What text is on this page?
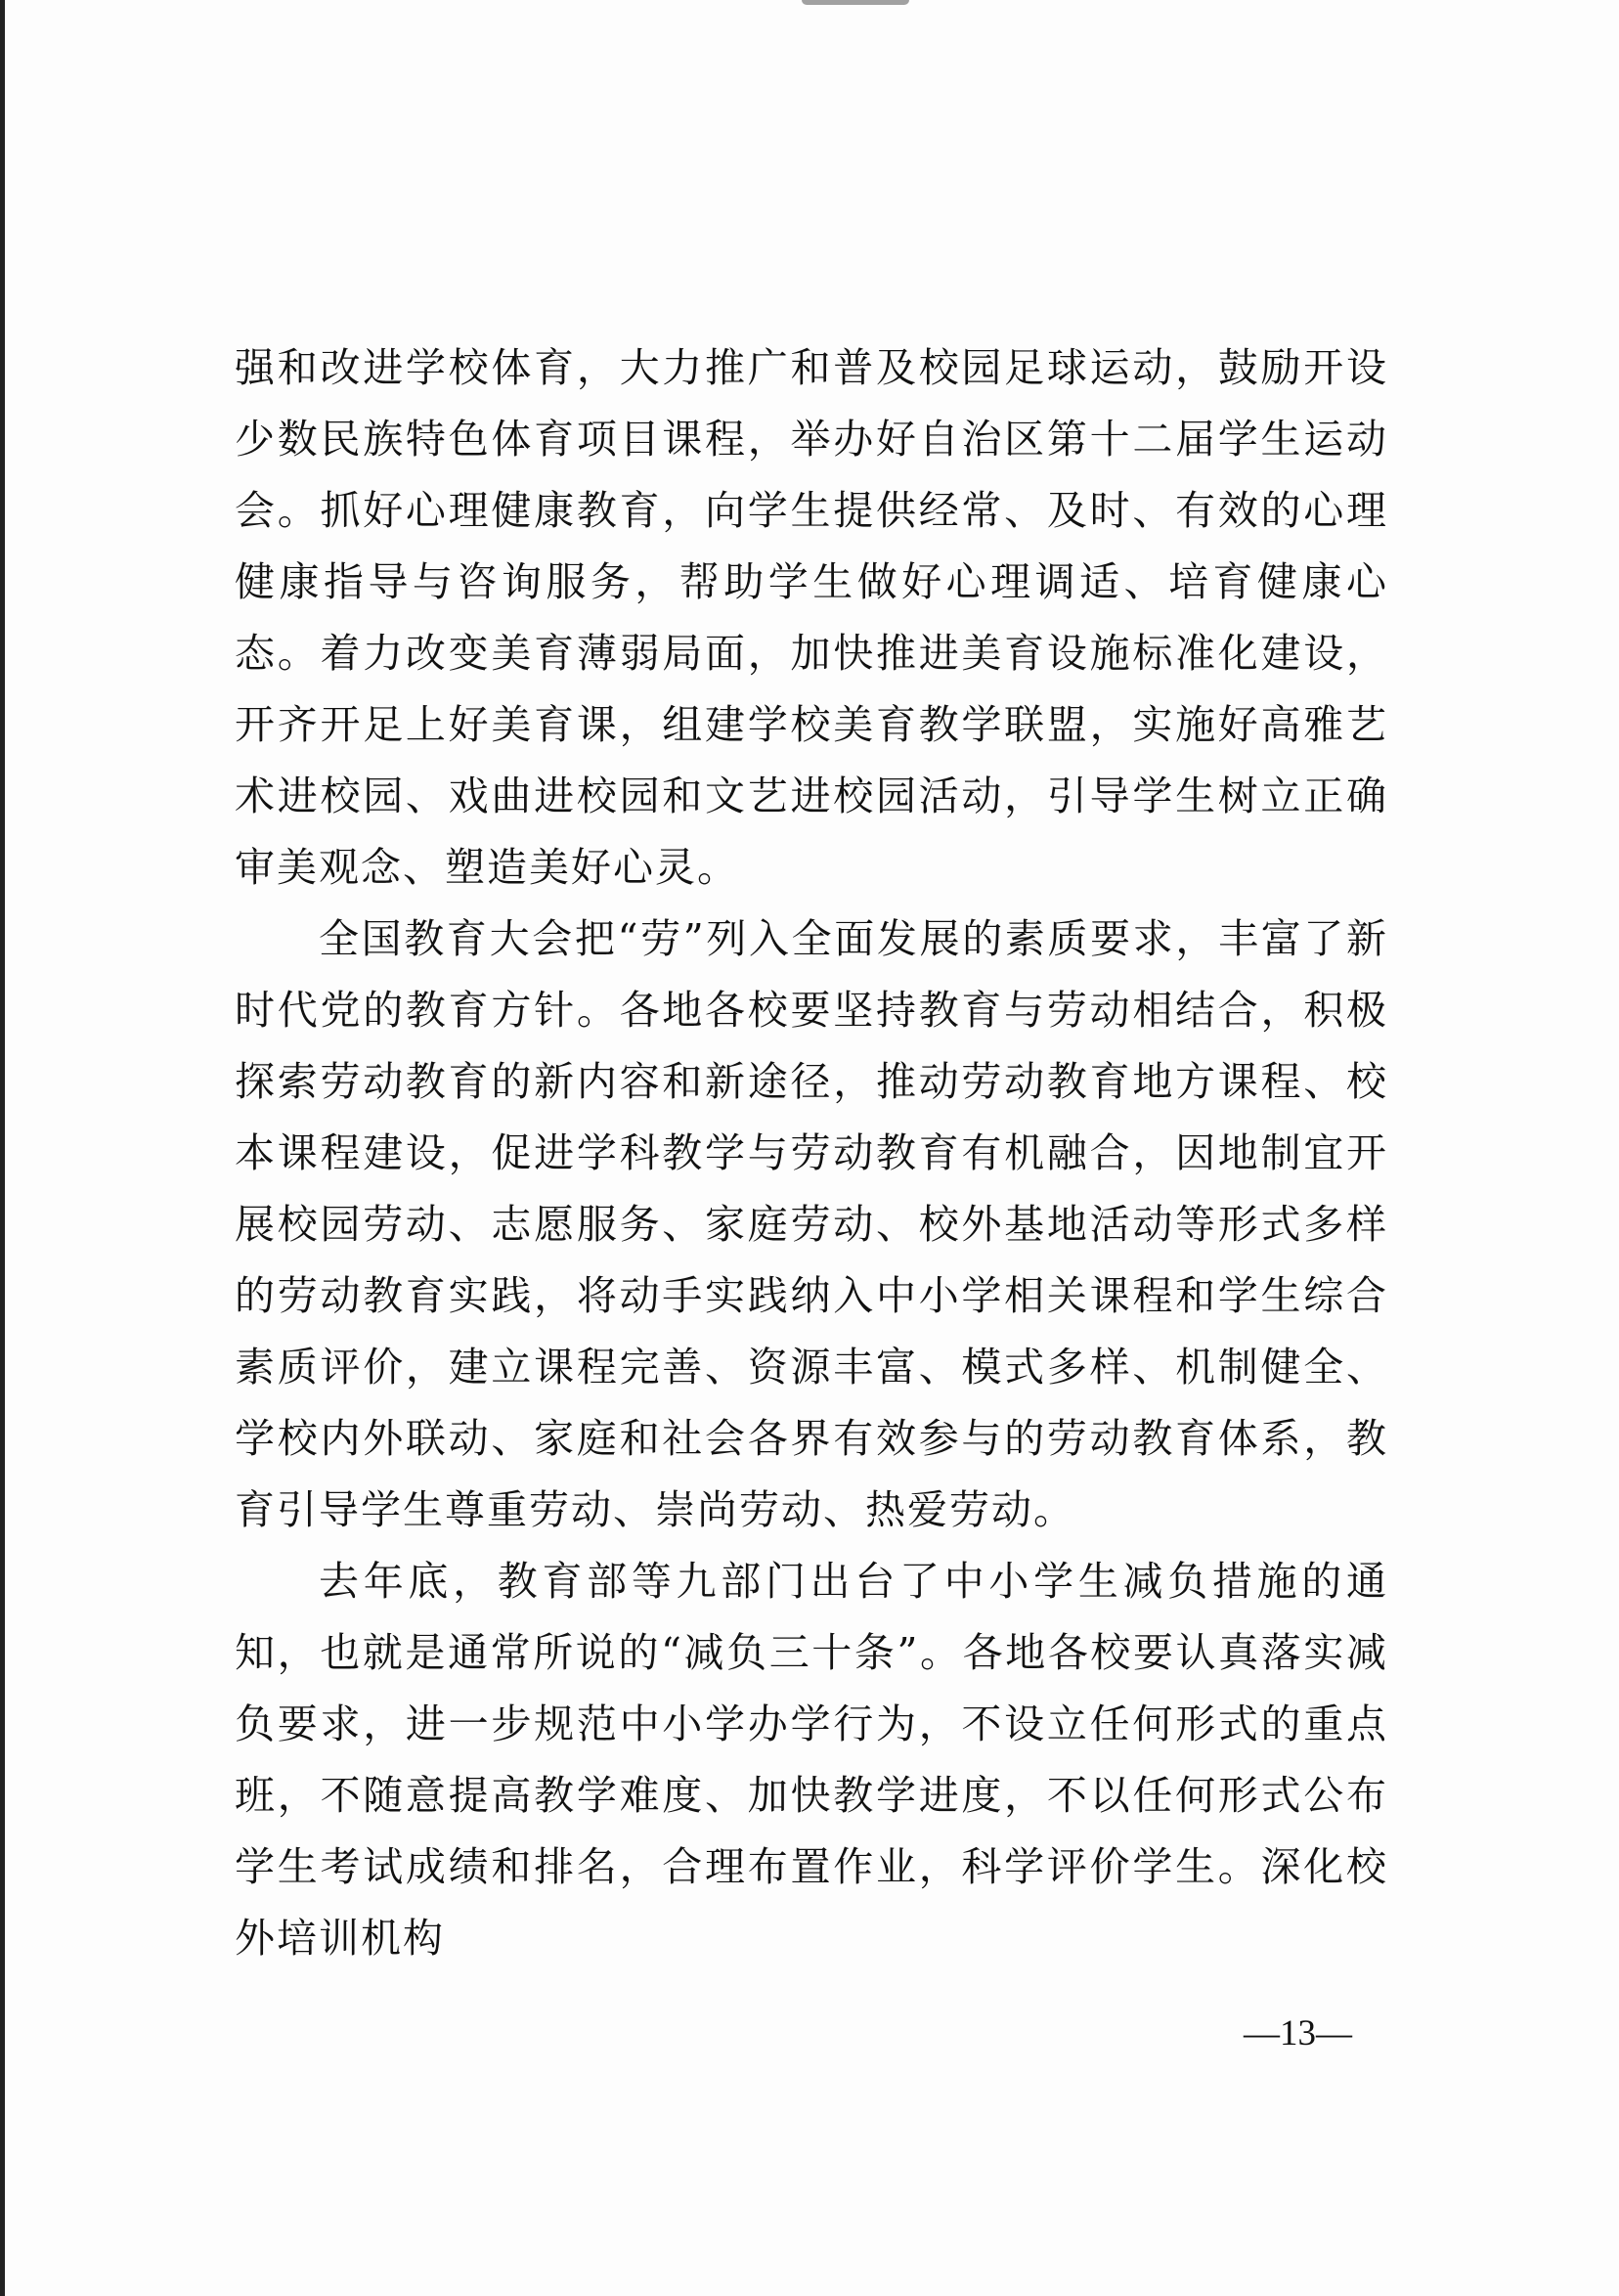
强和改进学校体育，大力推广和普及校园足球运动，鼓励开设少数民族特色体育项目课程，举办好自治区第十二届学生运动会。抓好心理健康教育，向学生提供经常、及时、有效的心理健康指导与咨询服务，帮助学生做好心理调适、培育健康心态。着力改变美育薄弱局面，加快推进美育设施标准化建设，开齐开足上好美育课，组建学校美育教学联盟，实施好高雅艺术进校园、戏曲进校园和文艺进校园活动，引导学生树立正确审美观念、塑造美好心灵。

全国教育大会把“劳”列入全面发展的素质要求，丰富了新时代党的教育方针。各地各校要坚持教育与劳动相结合，积极探索劳动教育的新内容和新途径，推动劳动教育地方课程、校本课程建设，促进学科教学与劳动教育有机融合，因地制宜开展校园劳动、志愿服务、家庭劳动、校外基地活动等形式多样的劳动教育实践，将动手实践纳入中小学相关课程和学生综合素质评价，建立课程完善、资源丰富、模式多样、机制健全、学校内外联动、家庭和社会各界有效参与的劳动教育体系，教育引导学生尊重劳动、崇尚劳动、热爱劳动。

去年底，教育部等九部门出台了中小学生减负措施的通知，也就是通常所说的“减负三十条”。各地各校要认真落实减负要求，进一步规范中小学办学行为，不设立任何形式的重点班，不随意提高教学难度、加快教学进度，不以任何形式公布学生考试成绩和排名，合理布置作业，科学评价学生。深化校外培训机构

—13—
